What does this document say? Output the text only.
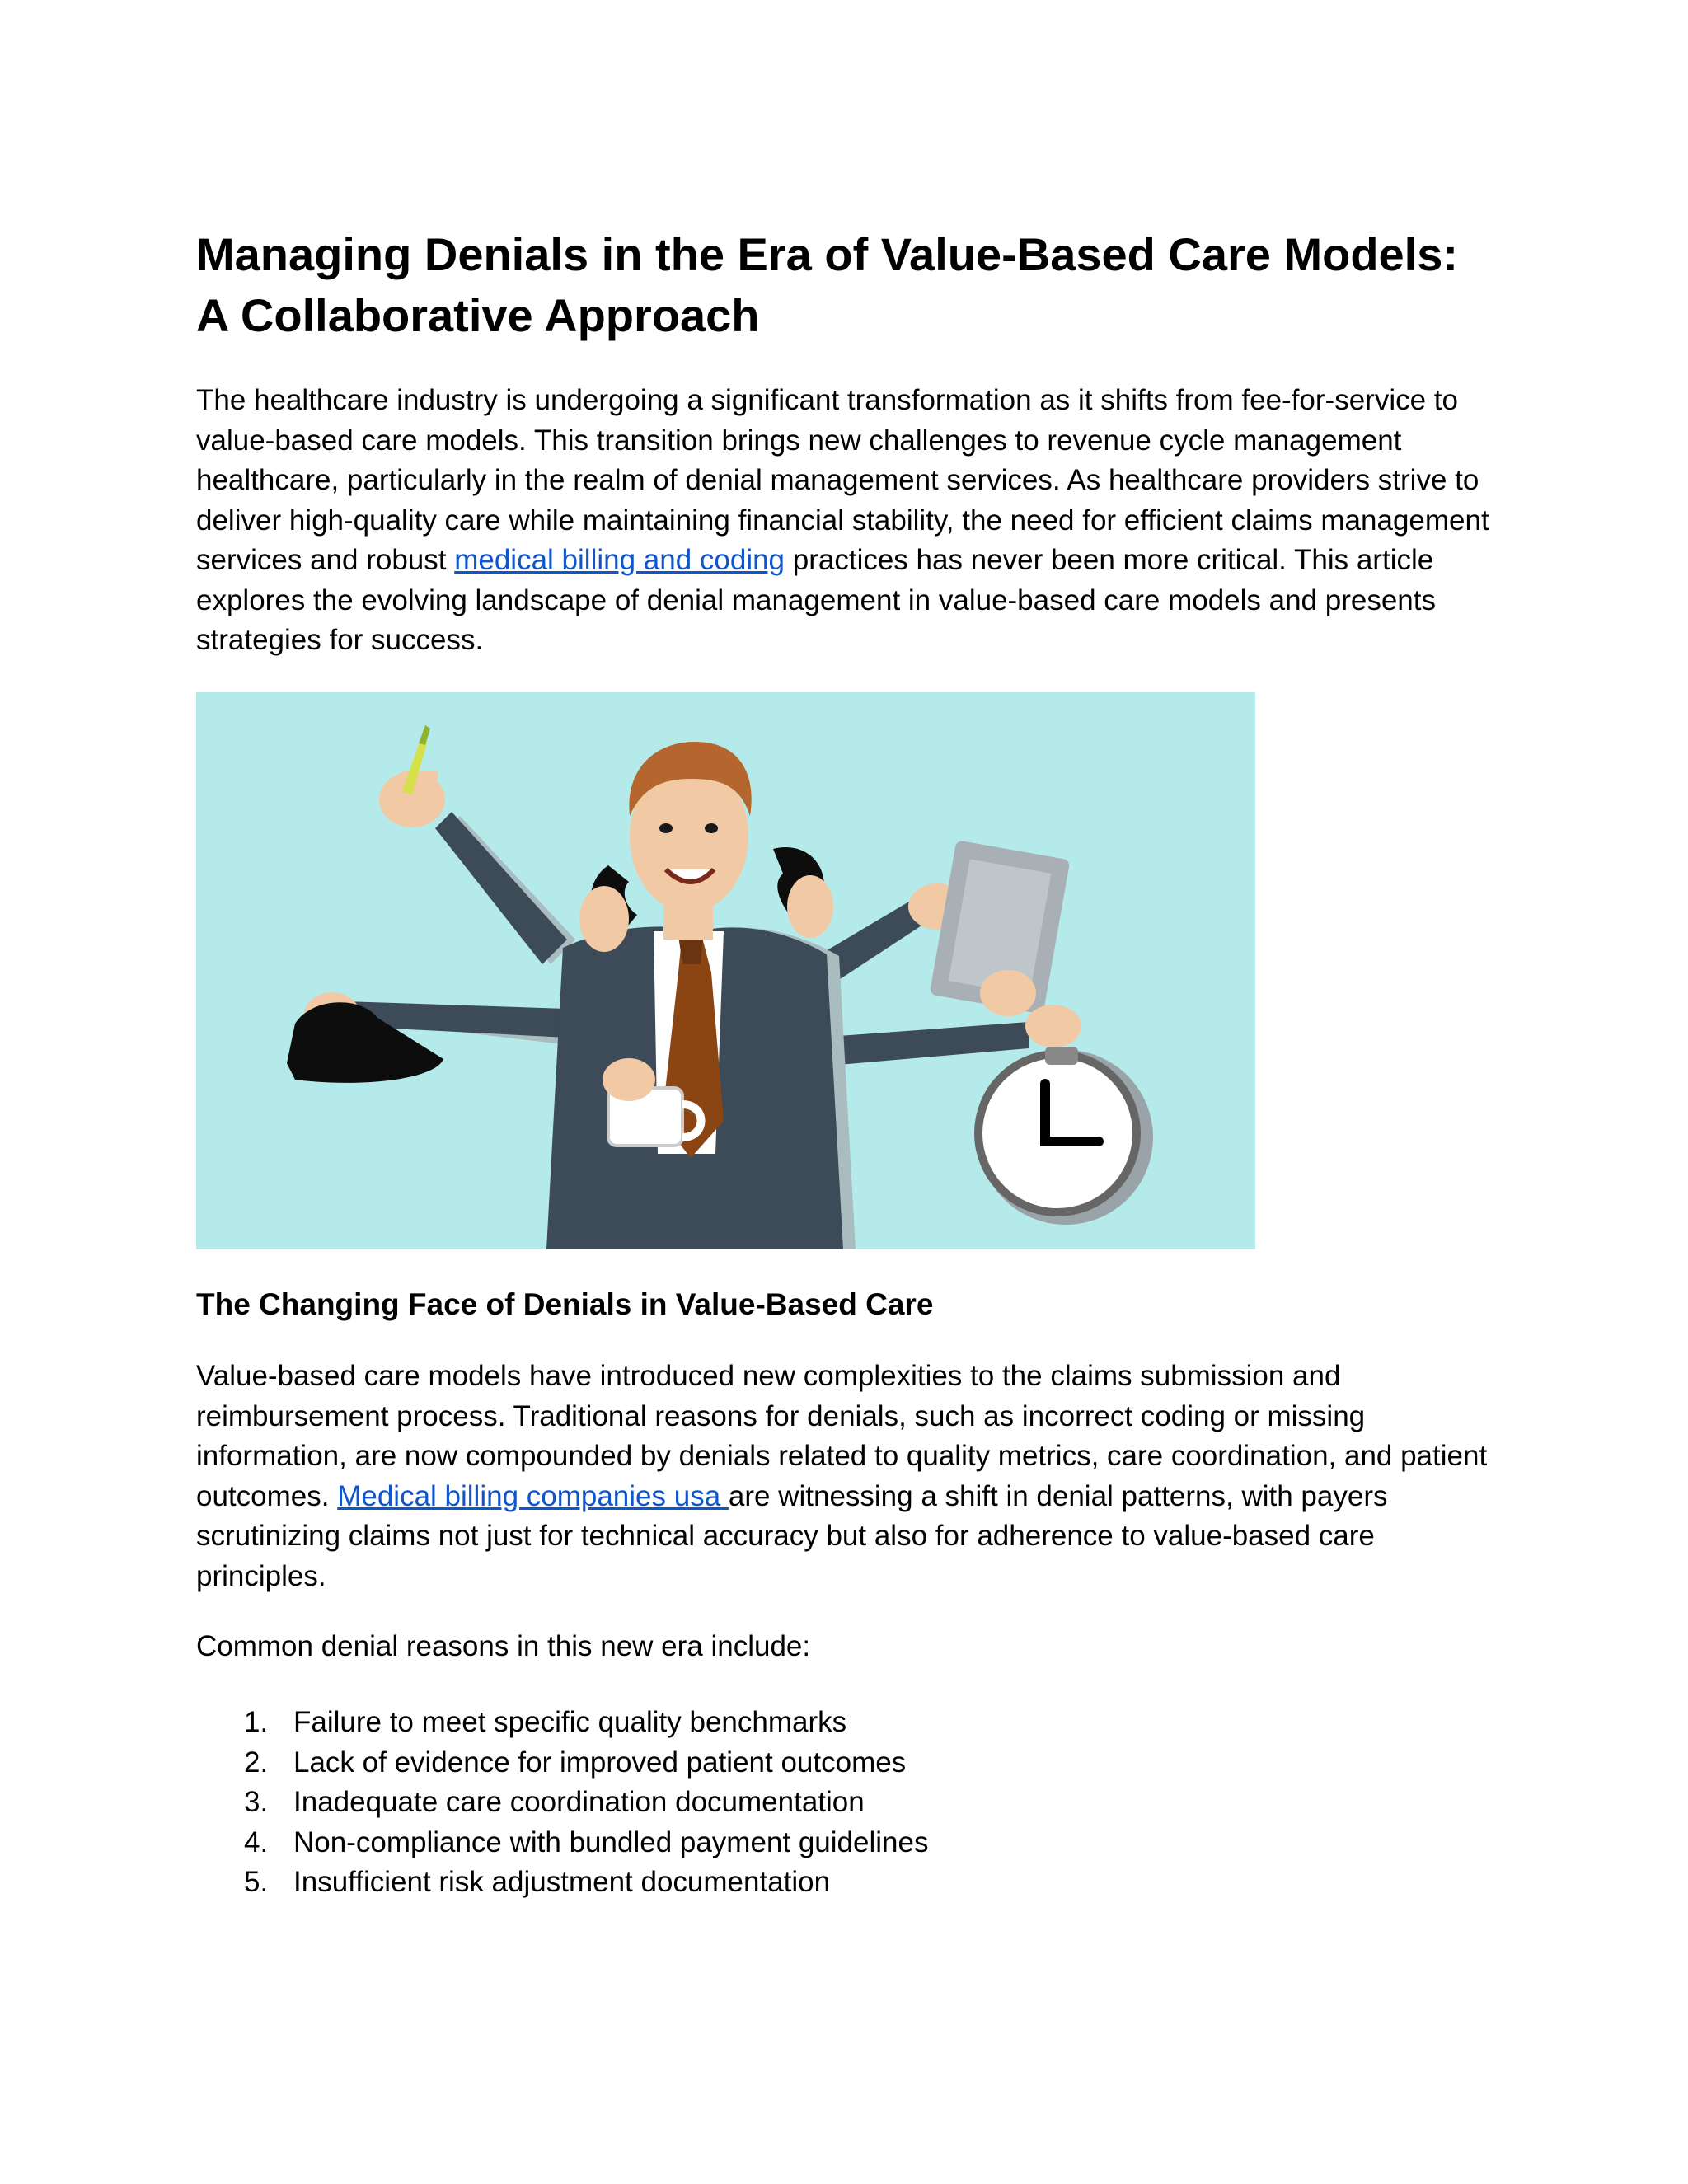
Managing Denials in the Era of Value-Based Care Models:
A Collaborative Approach

The healthcare industry is undergoing a significant transformation as it shifts from fee-for-service to value-based care models. This transition brings new challenges to revenue cycle management healthcare, particularly in the realm of denial management services. As healthcare providers strive to deliver high-quality care while maintaining financial stability, the need for efficient claims management services and robust medical billing and coding practices has never been more critical. This article explores the evolving landscape of denial management in value-based care models and presents strategies for success.

The Changing Face of Denials in Value-Based Care

Value-based care models have introduced new complexities to the claims submission and reimbursement process. Traditional reasons for denials, such as incorrect coding or missing information, are now compounded by denials related to quality metrics, care coordination, and patient outcomes. Medical billing companies usa are witnessing a shift in denial patterns, with payers scrutinizing claims not just for technical accuracy but also for adherence to value-based care principles.

Common denial reasons in this new era include:

1. Failure to meet specific quality benchmarks
2. Lack of evidence for improved patient outcomes
3. Inadequate care coordination documentation
4. Non-compliance with bundled payment guidelines
5. Insufficient risk adjustment documentation
